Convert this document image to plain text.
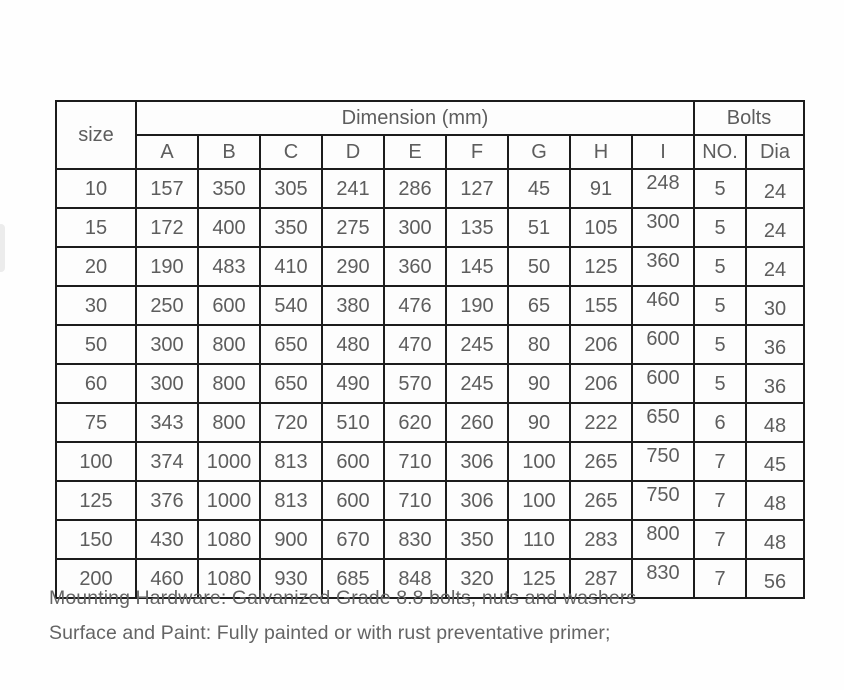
size	Dimension (mm)									Bolts	
	A	B	C	D	E	F	G	H	I	NO.	Dia
10	157	350	305	241	286	127	45	91	248	5	24
15	172	400	350	275	300	135	51	105	300	5	24
20	190	483	410	290	360	145	50	125	360	5	24
30	250	600	540	380	476	190	65	155	460	5	30
50	300	800	650	480	470	245	80	206	600	5	36
60	300	800	650	490	570	245	90	206	600	5	36
75	343	800	720	510	620	260	90	222	650	6	48
100	374	1000	813	600	710	306	100	265	750	7	45
125	376	1000	813	600	710	306	100	265	750	7	48
150	430	1080	900	670	830	350	110	283	800	7	48
200	460	1080	930	685	848	320	125	287	830	7	56

Mounting Hardware: Galvanized Grade 8.8 bolts, nuts and washers

Surface and Paint: Fully painted or with rust preventative primer;
